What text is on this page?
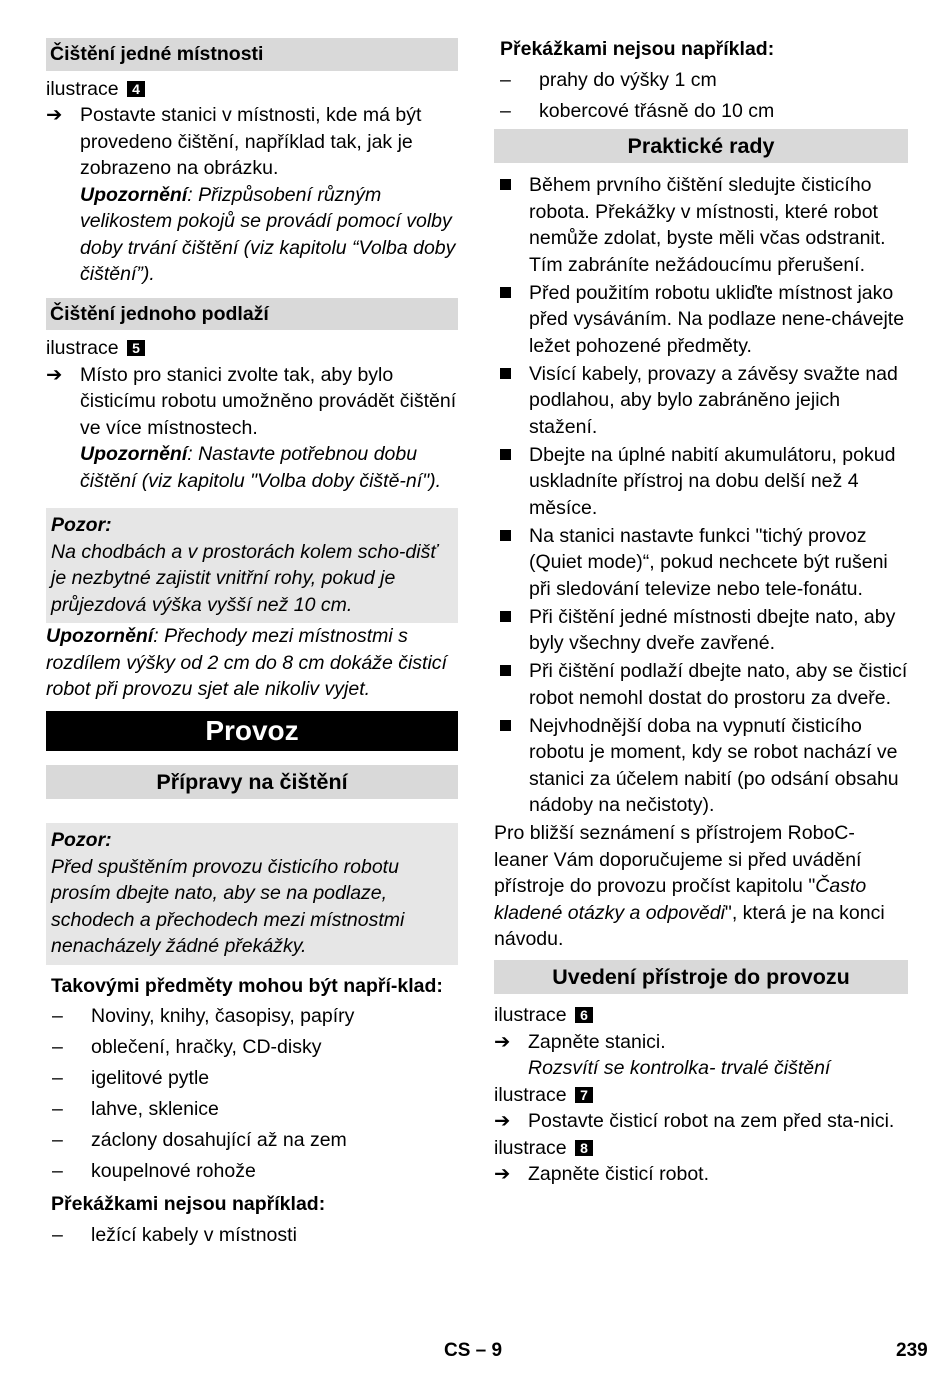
Čištění jedné místnosti
ilustrace 4
➔ Postavte stanici v místnosti, kde má být provedeno čištění, například tak, jak je zobrazeno na obrázku.
Upozornění: Přizpůsobení různým velikostem pokojů se provádí pomocí volby doby trvání čištění (viz kapitolu “Volba doby čištění”).
Čištění jednoho podlaží
ilustrace 5
➔ Místo pro stanici zvolte tak, aby bylo čisticímu robotu umožněno provádět čištění ve více místnostech.
Upozornění: Nastavte potřebnou dobu čištění (viz kapitolu "Volba doby čiště-ní").
Pozor:
Na chodbách a v prostorách kolem scho-dišť je nezbytné zajistit vnitřní rohy, pokud je průjezdová výška vyšší než 10 cm.
Upozornění: Přechody mezi místnostmi s rozdílem výšky od 2 cm do 8 cm dokáže čisticí robot při provozu sjet ale nikoliv vyjet.
Provoz
Přípravy na čištění
Pozor:
Před spuštěním provozu čisticího robotu prosím dbejte nato, aby se na podlaze, schodech a přechodech mezi místnostmi nenacházely žádné překážky.
Takovými předměty mohou být napří-klad:
– Noviny, knihy, časopisy, papíry
– oblečení, hračky, CD-disky
– igelitové pytle
– lahve, sklenice
– záclony dosahující až na zem
– koupelnové rohože
Překážkami nejsou například:
– ležící kabely v místnosti
Překážkami nejsou například:
– prahy do výšky 1 cm
– kobercové třásně do 10 cm
Praktické rady
Během prvního čištění sledujte čisticího robota. Překážky v místnosti, které robot nemůže zdolat, byste měli včas odstranit. Tím zabráníte nežádoucímu přerušení.
Před použitím robotu ukliďte místnost jako před vysáváním. Na podlaze nene-chávejte ležet pohozené předměty.
Visící kabely, provazy a závěsy svažte nad podlahou, aby bylo zabráněno jejich stažení.
Dbejte na úplné nabití akumulátoru, pokud uskladníte přístroj na dobu delší než 4 měsíce.
Na stanici nastavte funkci "tichý provoz (Quiet mode)“, pokud nechcete být rušeni při sledování televize nebo tele-fonátu.
Při čištění jedné místnosti dbejte nato, aby byly všechny dveře zavřené.
Při čištění podlaží dbejte nato, aby se čisticí robot nemohl dostat do prostoru za dveře.
Nejvhodnější doba na vypnutí čisticího robotu je moment, kdy se robot nachází ve stanici za účelem nabití (po odsání obsahu nádoby na nečistoty).
Pro bližší seznámení s přístrojem RoboC-leaner Vám doporučujeme si před uvádění přístroje do provozu pročíst kapitolu "Často kladené otázky a odpovědi", která je na konci návodu.
Uvedení přístroje do provozu
ilustrace 6
➔ Zapněte stanici.
Rozsvítí se kontrolka- trvalé čištění
ilustrace 7
➔ Postavte čisticí robot na zem před sta-nici.
ilustrace 8
➔ Zapněte čisticí robot.
CS – 9	239
